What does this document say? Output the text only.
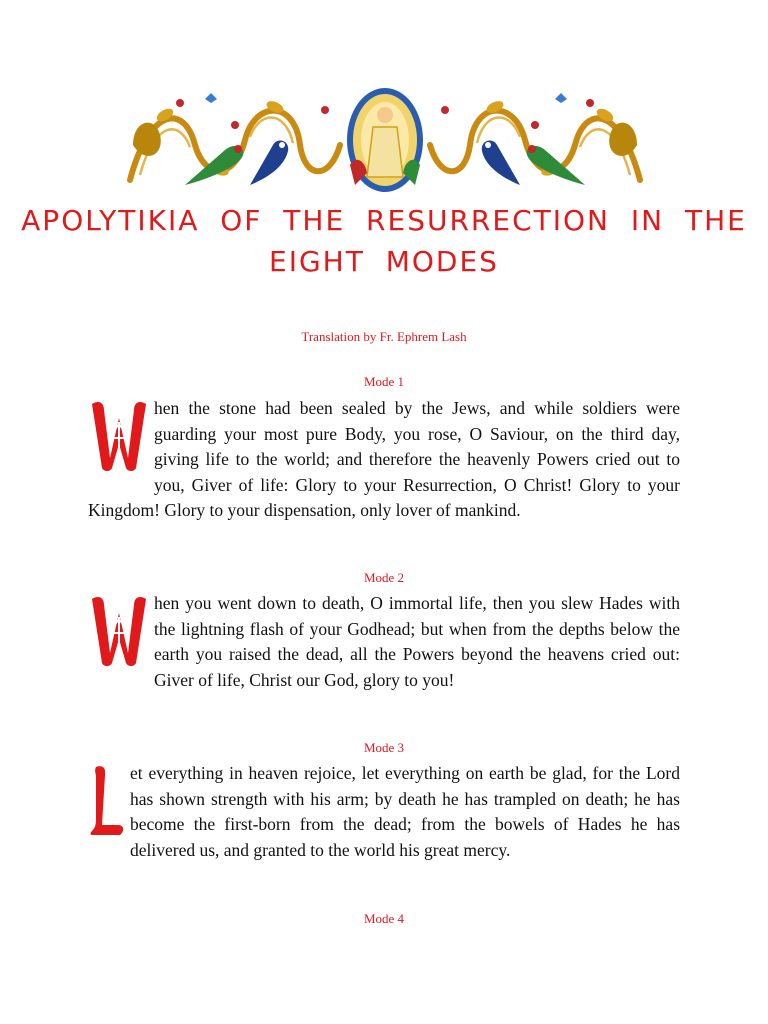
APOLYTIKIA OF THE RESURRECTION IN THE EIGHT MODES
Translation by Fr. Ephrem Lash
Mode 1

hen the stone had been sealed by the Jews, and while soldiers were guarding your most pure Body, you rose, O Saviour, on the third day, giving life to the world; and therefore the heavenly Powers cried out to you, Giver of life: Glory to your Resurrection, O Christ! Glory to your Kingdom! Glory to your dispensation, only lover of mankind.

Mode 2

hen you went down to death, O immortal life, then you slew Hades with the lightning flash of your Godhead; but when from the depths below the earth you raised the dead, all the Powers beyond the heavens cried out: Giver of life, Christ our God, glory to you!

Mode 3

et everything in heaven rejoice, let everything on earth be glad, for the Lord has shown strength with his arm; by death he has trampled on death; he has become the first-born from the dead; from the bowels of Hades he has delivered us, and granted to the world his great mercy.

Mode 4
